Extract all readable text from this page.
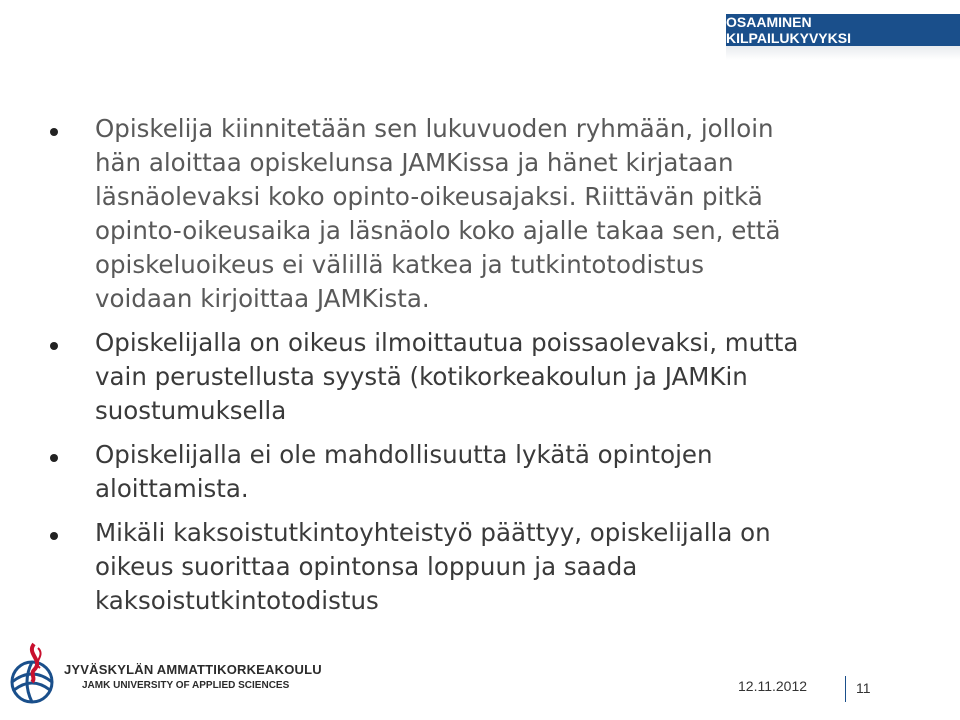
OSAAMINEN KILPAILUKYVYKSI
Opiskelija kiinnitetään sen lukuvuoden ryhmään, jolloin
hän aloittaa opiskelunsa JAMKissa ja hänet kirjataan
läsnäolevaksi koko opinto-oikeusajaksi. Riittävän pitkä
opinto-oikeusaika ja läsnäolo koko ajalle takaa sen, että
opiskeluoikeus ei välillä katkea ja tutkintotodistus
voidaan kirjoittaa JAMKista.
Opiskelijalla on oikeus ilmoittautua poissaolevaksi, mutta
vain perustellusta syystä (kotikorkeakoulun ja JAMKin
suostumuksella
Opiskelijalla ei ole mahdollisuutta lykätä opintojen
aloittamista.
Mikäli kaksoistutkintoyhteistyö päättyy, opiskelijalla on
oikeus suorittaa opintonsa loppuun ja saada
kaksoistutkintotodistus
JYVÄSKYLÄN AMMATTIKORKEAKOULU
JAMK UNIVERSITY OF APPLIED SCIENCES	12.11.2012	11
